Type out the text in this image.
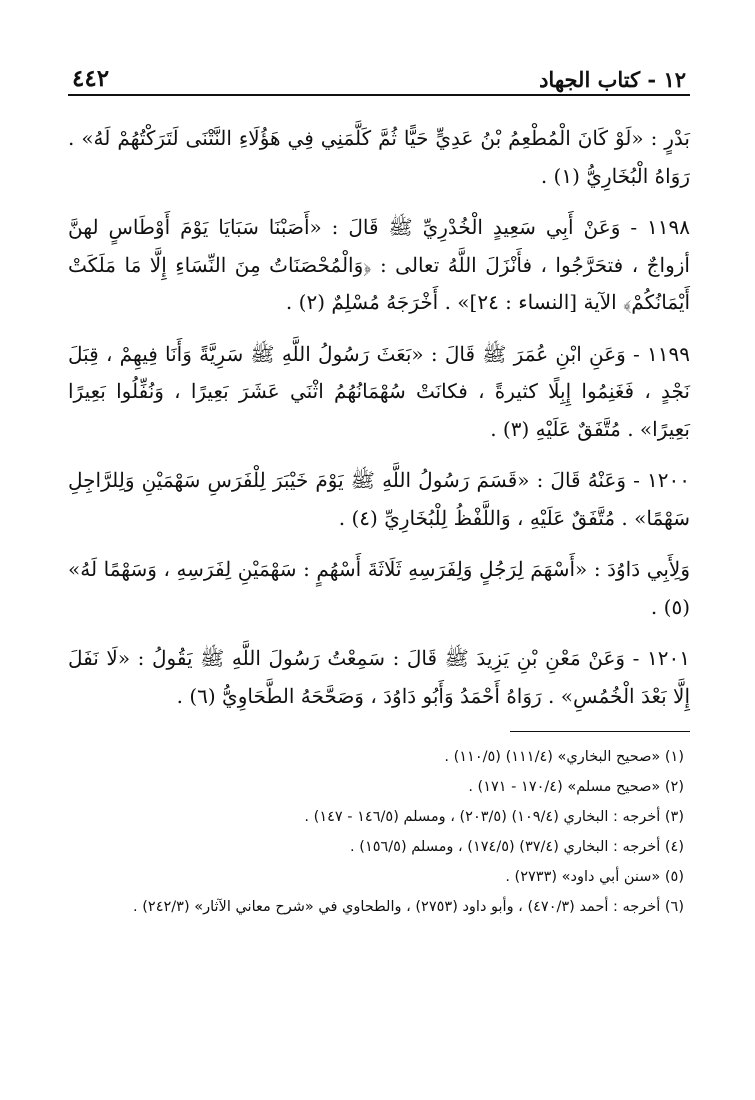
١٢ - كتاب الجهاد
٤٤٢

بَدْرٍ : «لَوْ كَانَ الْمُطْعِمُ بْنُ عَدِيٍّ حَيًّا ثُمَّ كَلَّمَنِي فِي هَؤُلَاءِ النَّتْنَى لَتَرَكْتُهُمْ لَهُ» . رَوَاهُ الْبُخَارِيُّ (١) .

١١٩٨ - وَعَنْ أَبِي سَعِيدٍ الْخُدْرِيِّ ﷺ قَالَ : «أَصَبْنَا سَبَايَا يَوْمَ أَوْطَاسٍ لهنَّ أزواجٌ ، فتحَرَّجُوا ، فأَنْزَلَ اللَّهُ تعالى : ﴿وَالْمُحْصَنَاتُ مِنَ النِّسَاءِ إِلَّا مَا مَلَكَتْ أَيْمَانُكُمْ﴾ الآية [النساء : ٢٤]» . أَخْرَجَهُ مُسْلِمٌ (٢) .

١١٩٩ - وَعَنِ ابْنِ عُمَرَ ﷺ قَالَ : «بَعَثَ رَسُولُ اللَّهِ ﷺ سَرِيَّةً وَأَنَا فِيهِمْ ، قِبَلَ نَجْدٍ ، فَغَنِمُوا إِبِلًا كثيرةً ، فكانَتْ سُهْمَانُهُمُ اثْنَي عَشَرَ بَعِيرًا ، وَنُفِّلُوا بَعِيرًا بَعِيرًا» . مُتَّفَقٌ عَلَيْهِ (٣) .

١٢٠٠ - وَعَنْهُ قَالَ : «قَسَمَ رَسُولُ اللَّهِ ﷺ يَوْمَ خَيْبَرَ لِلْفَرَسِ سَهْمَيْنِ وَلِلرَّاجِلِ سَهْمًا» . مُتَّفَقٌ عَلَيْهِ ، وَاللَّفْظُ لِلْبُخَارِيِّ (٤) .

وَلِأَبِي دَاوُدَ : «أَسْهَمَ لِرَجُلٍ وَلِفَرَسِهِ ثَلَاثَةَ أَسْهُمٍ : سَهْمَيْنِ لِفَرَسِهِ ، وَسَهْمًا لَهُ» (٥) .

١٢٠١ - وَعَنْ مَعْنِ بْنِ يَزِيدَ ﷺ قَالَ : سَمِعْتُ رَسُولَ اللَّهِ ﷺ يَقُولُ : «لَا نَفَلَ إِلَّا بَعْدَ الْخُمُسِ» . رَوَاهُ أَحْمَدُ وَأَبُو دَاوُدَ ، وَصَحَّحَهُ الطَّحَاوِيُّ (٦) .

(١) «صحيح البخاري» (١١١/٤) (١١٠/٥) .

(٢) «صحيح مسلم» (١٧٠/٤ - ١٧١) .

(٣) أخرجه : البخاري (١٠٩/٤) (٢٠٣/٥) ، ومسلم (١٤٦/٥ - ١٤٧) .

(٤) أخرجه : البخاري (٣٧/٤) (١٧٤/٥) ، ومسلم (١٥٦/٥) .

(٥) «سنن أبي داود» (٢٧٣٣) .

(٦) أخرجه : أحمد (٤٧٠/٣) ، وأبو داود (٢٧٥٣) ، والطحاوي في «شرح معاني الآثار» (٢٤٢/٣) .
